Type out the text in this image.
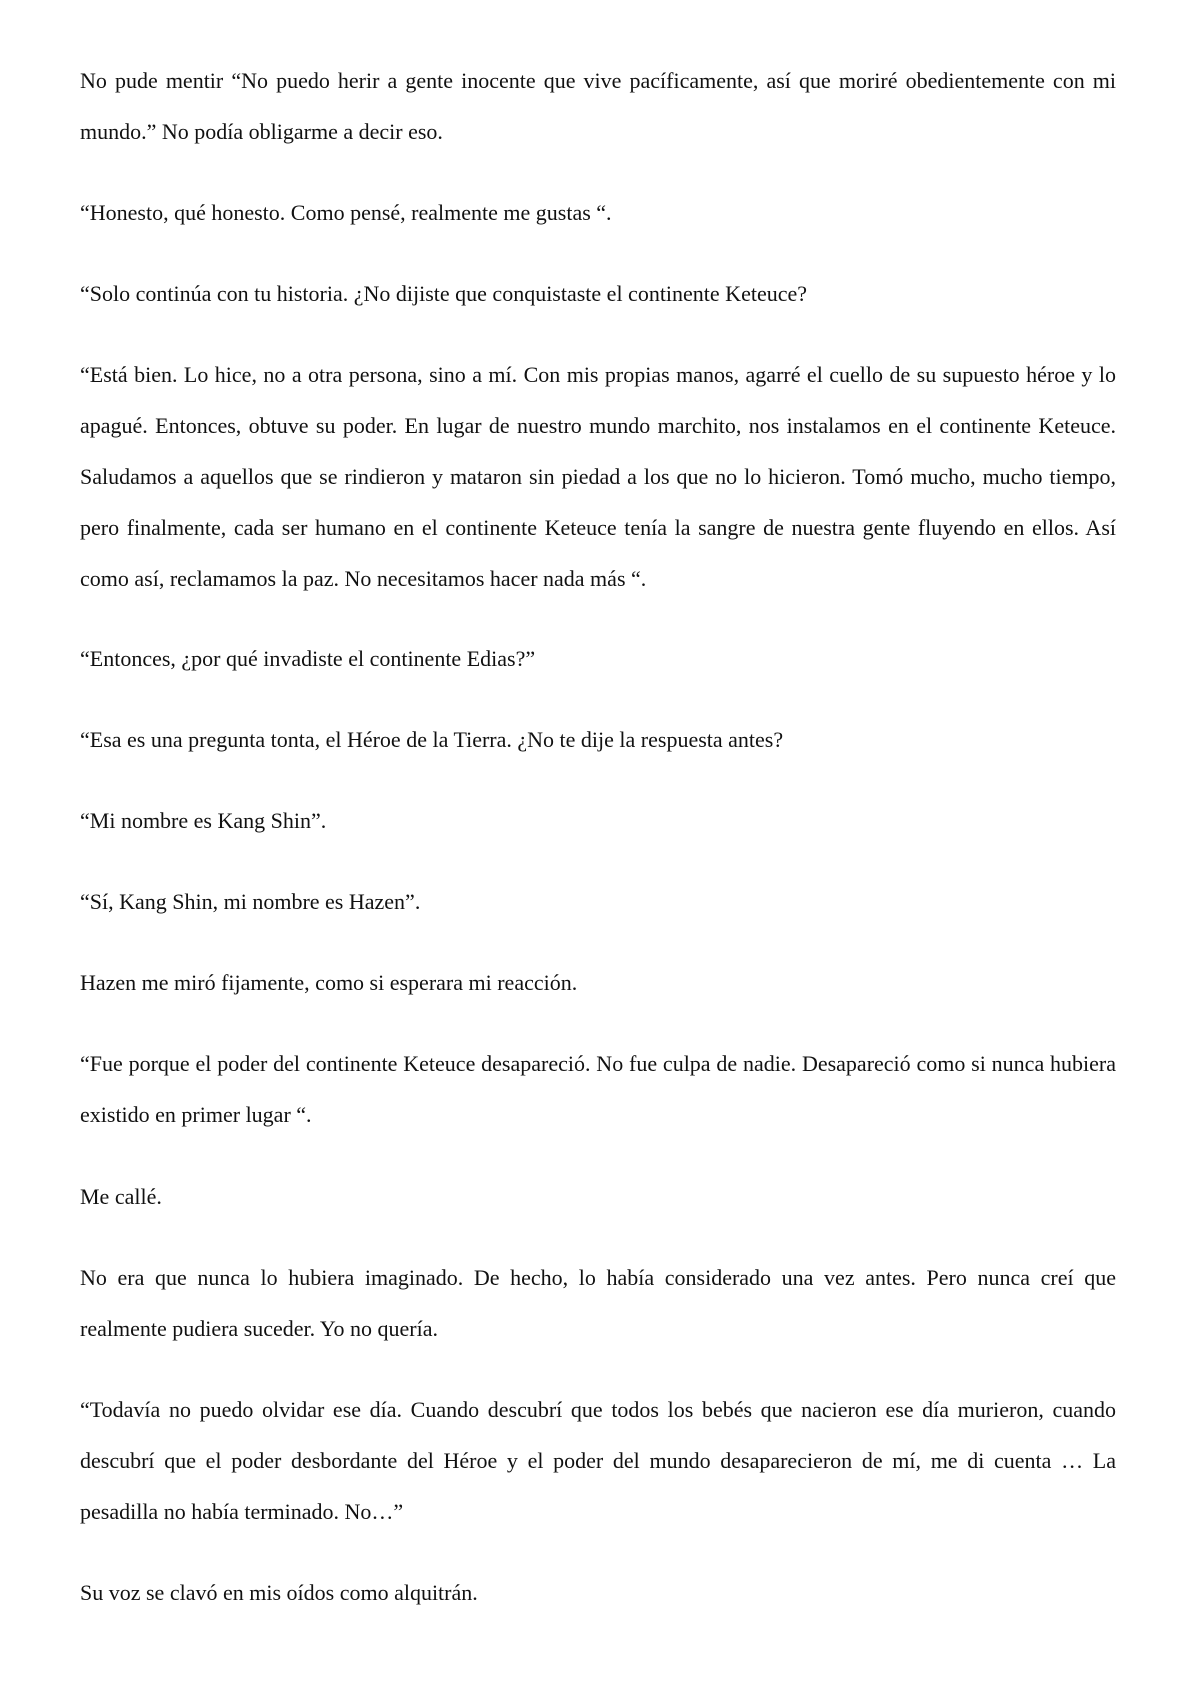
No pude mentir “No puedo herir a gente inocente que vive pacíficamente, así que moriré obedientemente con mi mundo.” No podía obligarme a decir eso.

“Honesto, qué honesto. Como pensé, realmente me gustas “.

“Solo continúa con tu historia. ¿No dijiste que conquistaste el continente Keteuce?

“Está bien. Lo hice, no a otra persona, sino a mí. Con mis propias manos, agarré el cuello de su supuesto héroe y lo apagué. Entonces, obtuve su poder. En lugar de nuestro mundo marchito, nos instalamos en el continente Keteuce. Saludamos a aquellos que se rindieron y mataron sin piedad a los que no lo hicieron. Tomó mucho, mucho tiempo, pero finalmente, cada ser humano en el continente Keteuce tenía la sangre de nuestra gente fluyendo en ellos. Así como así, reclamamos la paz. No necesitamos hacer nada más “.

“Entonces, ¿por qué invadiste el continente Edias?”

“Esa es una pregunta tonta, el Héroe de la Tierra. ¿No te dije la respuesta antes?

“Mi nombre es Kang Shin”.

“Sí, Kang Shin, mi nombre es Hazen”.

Hazen me miró fijamente, como si esperara mi reacción.

“Fue porque el poder del continente Keteuce desapareció. No fue culpa de nadie. Desapareció como si nunca hubiera existido en primer lugar “.

Me callé.

No era que nunca lo hubiera imaginado. De hecho, lo había considerado una vez antes. Pero nunca creí que realmente pudiera suceder. Yo no quería.

“Todavía no puedo olvidar ese día. Cuando descubrí que todos los bebés que nacieron ese día murieron, cuando descubrí que el poder desbordante del Héroe y el poder del mundo desaparecieron de mí, me di cuenta … La pesadilla no había terminado. No…”

Su voz se clavó en mis oídos como alquitrán.
